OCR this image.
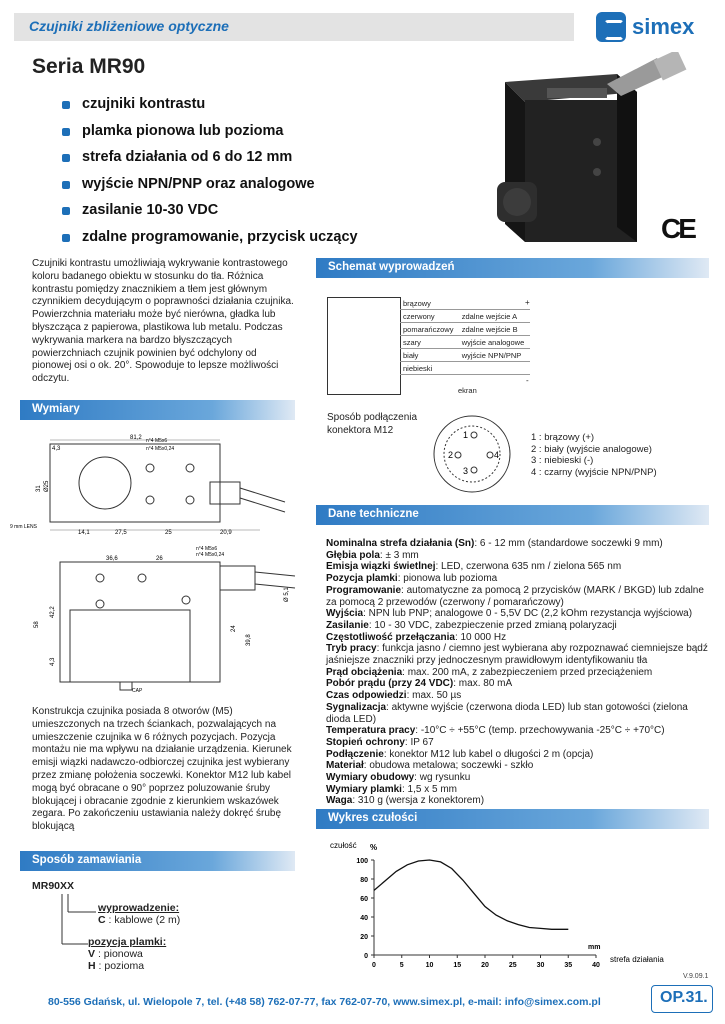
Czujniki zbliżeniowe optyczne	simex
Seria MR90
czujniki kontrastu
plamka pionowa lub pozioma
strefa działania od 6 do 12 mm
wyjście NPN/PNP oraz analogowe
zasilanie 10-30 VDC
zdalne programowanie, przycisk uczący	CE
Czujniki kontrastu umożliwiają wykrywanie kontrastowego koloru badanego obiektu w stosunku do tła. Różnica kontrastu pomiędzy znacznikiem a tłem jest głównym czynnikiem decydującym o poprawności działania czujnika. Powierzchnia materiału może być nierówna, gładka lub błyszcząca z papierowa, plastikowa lub metalu. Podczas wykrywania markera na bardzo błyszczących powierzchniach czujnik powinien być odchylony od pionowej osi o ok. 20°. Spowoduje to lepsze możliwości odczytu.
Schemat wyprowadzeń
brązowy	
czerwony	zdalne wejście A
pomarańczowy	zdalne wejście B
szary	wyjście analogowe
biały	wyjście NPN/PNP
niebieski	
ekran
+
-
Sposób podłączenia konektora M12	1
2
3
4
1 : brązowy (+)
2 : biały (wyjście analogowe)
3 : niebieski (-)
4 : czarny (wyjście NPN/PNP)
Wymiary
81,2
4,3
14,1	27,5	25	20,9
31 Ø25
n°4 M5x6
n°4 M5x0,24
9 mm LENS
36,6	26
58
42,2
4,3
24
39,8
Ø 5,1
n°4 M5x6
n°4 M5x0,24
CAP
Konstrukcja czujnika posiada 8 otworów (M5) umieszczonych na trzech ściankach, pozwalających na umieszczenie czujnika w 6 różnych pozycjach. Pozycja montażu nie ma wpływu na działanie urządzenia. Kierunek emisji wiązki nadawczo-odbiorczej czujnika jest wybierany przez zmianę położenia soczewki. Konektor M12 lub kabel mogą być obracane o 90° poprzez poluzowanie śruby blokującej i obracanie zgodnie z kierunkiem wskazówek zegara. Po zakończeniu ustawiania należy dokręć śrubę blokującą
Dane techniczne
Nominalna strefa działania (Sn): 6 - 12 mm (standardowe soczewki 9 mm)
Głębia pola: ± 3 mm
Emisja wiązki świetlnej: LED, czerwona 635 nm / zielona 565 nm
Pozycja plamki: pionowa lub pozioma
Programowanie: automatyczne za pomocą 2 przycisków (MARK / BKGD) lub zdalne za pomocą 2 przewodów (czerwony / pomarańczowy)
Wyjścia: NPN lub PNP; analogowe 0 - 5,5V DC (2,2 kOhm rezystancja wyjściowa)
Zasilanie: 10 - 30 VDC, zabezpieczenie przed zmianą polaryzacji
Częstotliwość przełączania: 10 000 Hz
Tryb pracy: funkcja jasno / ciemno jest wybierana aby rozpoznawać ciemniejsze bądź jaśniejsze znaczniki przy jednoczesnym prawidłowym identyfikowaniu tła
Prąd obciążenia: max. 200 mA, z zabezpieczeniem przed przeciążeniem
Pobór prądu (przy 24 VDC): max. 80 mA
Czas odpowiedzi: max. 50 µs
Sygnalizacja: aktywne wyjście (czerwona dioda LED) lub stan gotowości (zielona dioda LED)
Temperatura pracy: -10°C ÷ +55°C (temp. przechowywania -25°C ÷ +70°C)
Stopień ochrony: IP 67
Podłączenie: konektor M12 lub kabel o długości 2 m (opcja)
Materiał: obudowa metalowa; soczewki - szkło
Wymiary obudowy: wg rysunku
Wymiary plamki: 1,5 x 5 mm
Waga: 310 g (wersja z konektorem)
Sposób zamawiania
MR90XX
wyprowadzenie:
C : kablowe (2 m)
pozycja plamki:
V : pionowa
H : pozioma
Wykres czułości
0
20
40
60
80
100
0	5	10	15	20	25	30	35	40
czułość %
mm
strefa działania
80-556 Gdańsk, ul. Wielopole 7, tel. (+48 58) 762-07-77, fax 762-07-70, www.simex.pl, e-mail: info@simex.com.pl
V.9.09.1
OP.31.
